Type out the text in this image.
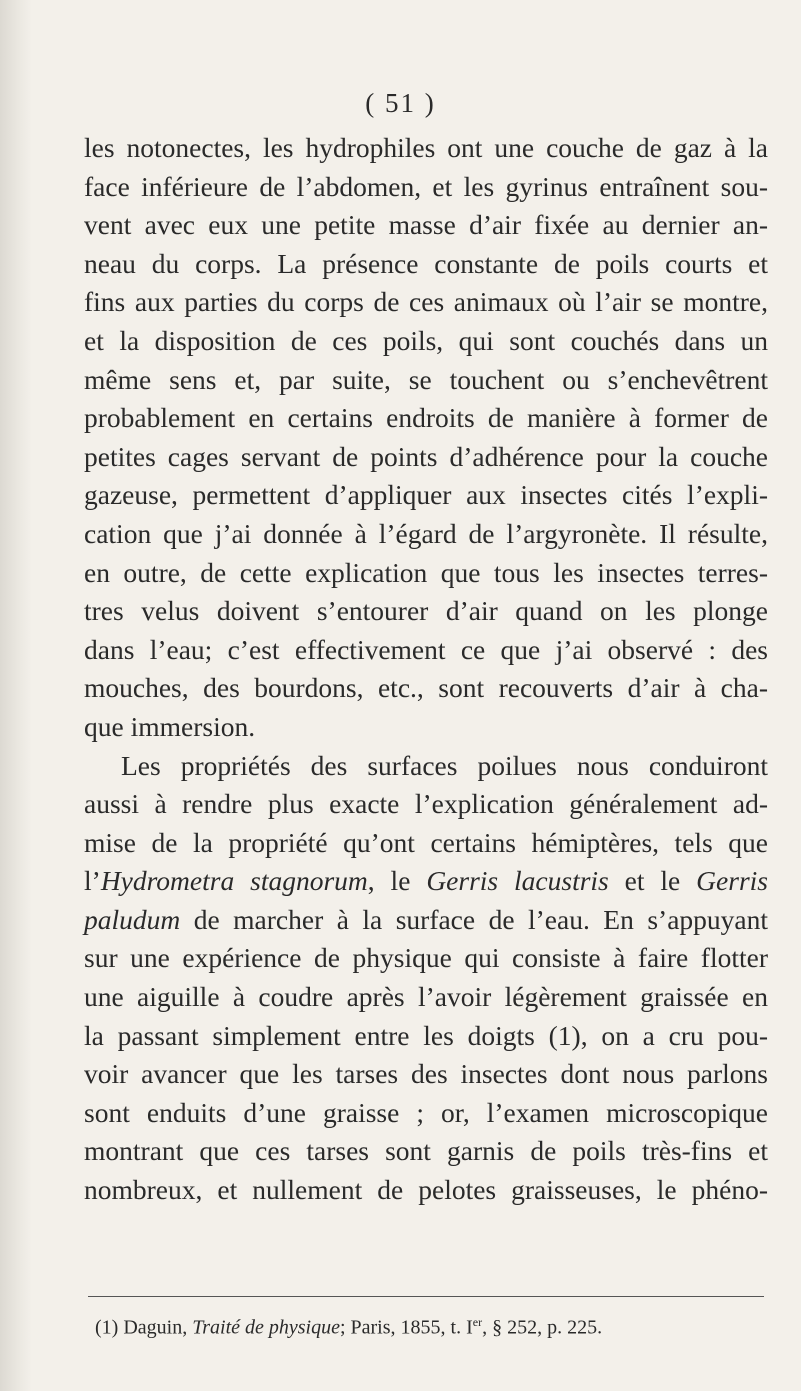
( 51 )
les notonectes, les hydrophiles ont une couche de gaz à la
face inférieure de l’abdomen, et les gyrinus entraînent sou-
vent avec eux une petite masse d’air fixée au dernier an-
neau du corps. La présence constante de poils courts et
fins aux parties du corps de ces animaux où l’air se montre,
et la disposition de ces poils, qui sont couchés dans un
même sens et, par suite, se touchent ou s’enchevêtrent
probablement en certains endroits de manière à former de
petites cages servant de points d’adhérence pour la couche
gazeuse, permettent d’appliquer aux insectes cités l’expli-
cation que j’ai donnée à l’égard de l’argyronète. Il résulte,
en outre, de cette explication que tous les insectes terres-
tres velus doivent s’entourer d’air quand on les plonge
dans l’eau; c’est effectivement ce que j’ai observé : des
mouches, des bourdons, etc., sont recouverts d’air à cha-
que immersion.
Les propriétés des surfaces poilues nous conduiront
aussi à rendre plus exacte l’explication généralement ad-
mise de la propriété qu’ont certains hémiptères, tels que
l’Hydrometra stagnorum, le Gerris lacustris et le Gerris
paludum de marcher à la surface de l’eau. En s’appuyant
sur une expérience de physique qui consiste à faire flotter
une aiguille à coudre après l’avoir légèrement graissée en
la passant simplement entre les doigts (1), on a cru pou-
voir avancer que les tarses des insectes dont nous parlons
sont enduits d’une graisse ; or, l’examen microscopique
montrant que ces tarses sont garnis de poils très-fins et
nombreux, et nullement de pelotes graisseuses, le phéno-
(1) Daguin, Traité de physique; Paris, 1855, t. Ier, § 252, p. 225.
